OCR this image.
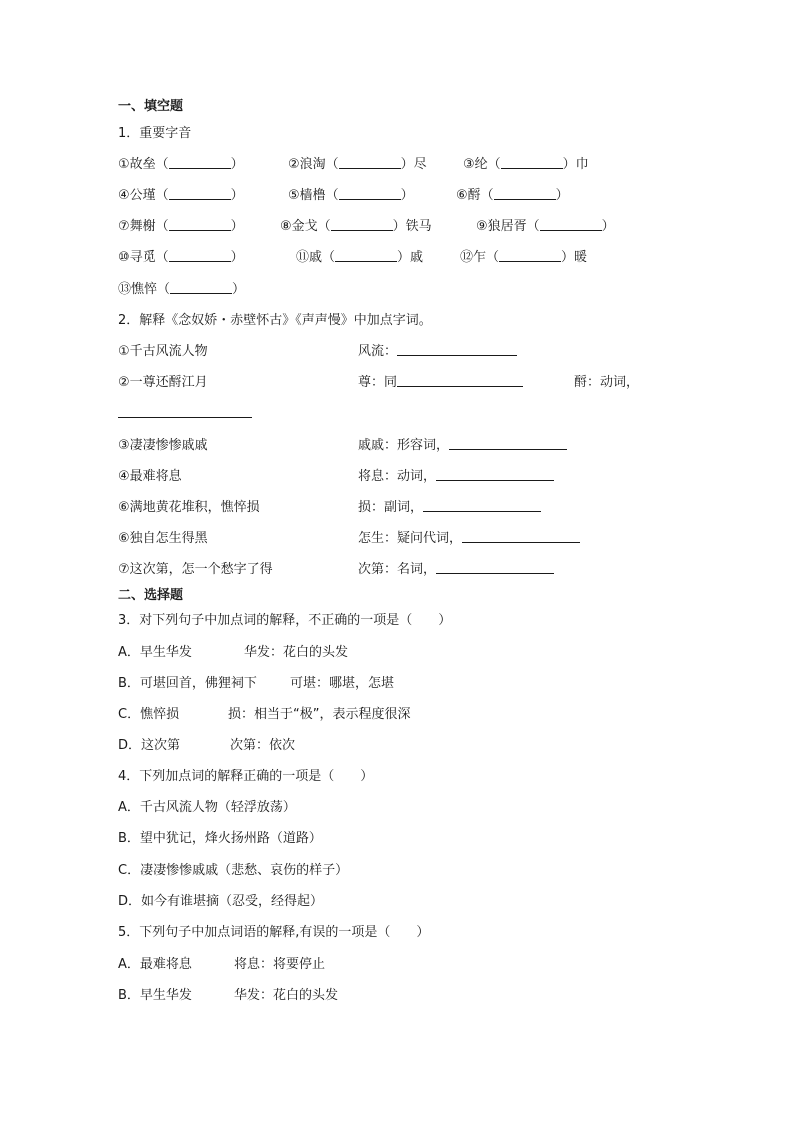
一、填空题
1．重要字音
①故垒（	）	②浪淘（	）尽	③纶（	）巾
④公瑾（	）	⑤樯橹（	）	⑥酹（	）
⑦舞榭（	）	⑧金戈（	）铁马	⑨狼居胥（	）
⑩寻觅（	）	⑪戚（	）戚	⑫乍（	）暖
⑬憔悴（	）
2．解释《念奴娇・赤壁怀古》《声声慢》中加点字词。
①千古风流人物	风流：
②一尊还酹江月	尊：同	酹：动词，
③凄凄惨惨戚戚	戚戚：形容词，
④最难将息	将息：动词，
⑥满地黄花堆积，憔悴损	损：副词，
⑥独自怎生得黑	怎生：疑问代词，
⑦这次第，怎一个愁字了得	次第：名词，
二、选择题
3．对下列句子中加点词的解释，不正确的一项是（　　）
A．早生华发	华发：花白的头发
B．可堪回首，佛狸祠下	可堪：哪堪，怎堪
C．憔悴损	损：相当于“极”，表示程度很深
D．这次第	次第：依次
4．下列加点词的解释正确的一项是（　　）
A．千古风流人物（轻浮放荡）
B．望中犹记，烽火扬州路（道路）
C．凄凄惨惨戚戚（悲愁、哀伤的样子）
D．如今有谁堪摘（忍受，经得起）
5．下列句子中加点词语的解释,有误的一项是（　　）
A．最难将息	将息：将要停止
B．早生华发	华发：花白的头发
